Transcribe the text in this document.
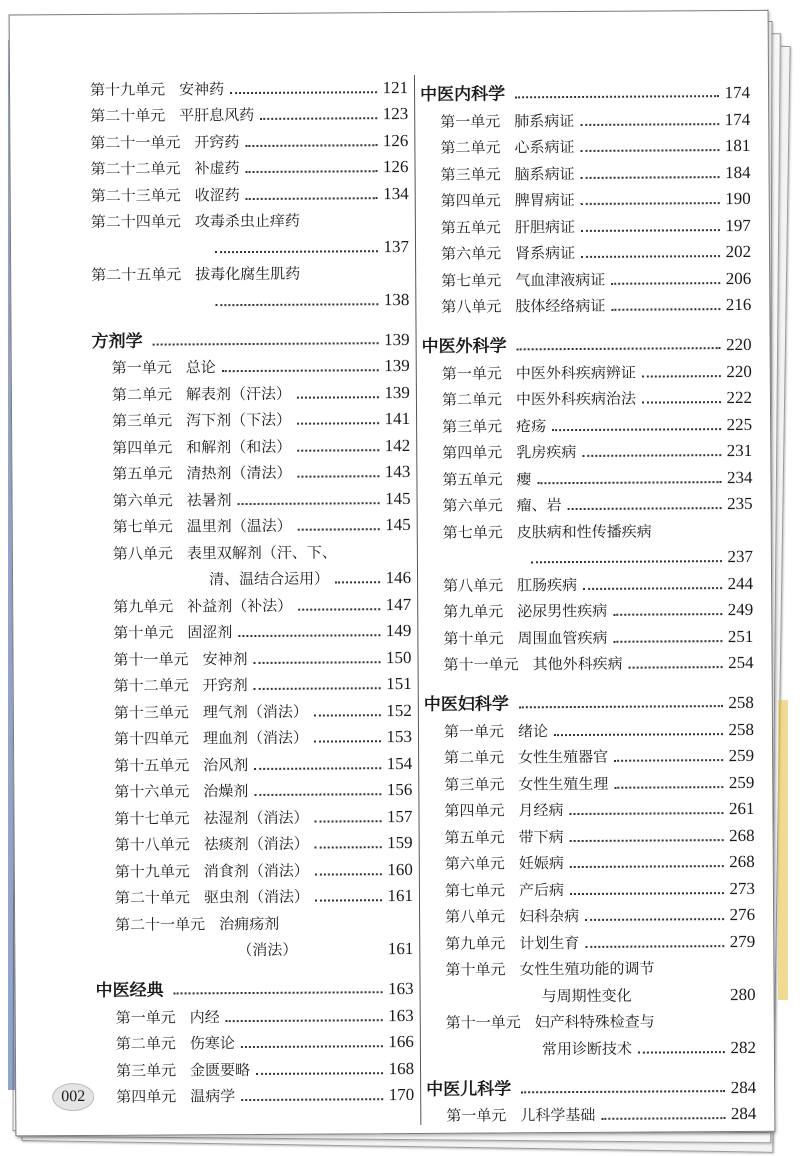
第十九单元 安神药	121
第二十单元 平肝息风药	123
第二十一单元 开窍药	126
第二十二单元 补虚药	126
第二十三单元 收涩药	134
第二十四单元 攻毒杀虫止痒药
137
第二十五单元 拔毒化腐生肌药
138
方剂学	139
第一单元 总论	139
第二单元 解表剂（汗法）	139
第三单元 泻下剂（下法）	141
第四单元 和解剂（和法）	142
第五单元 清热剂（清法）	143
第六单元 祛暑剂	145
第七单元 温里剂（温法）	145
第八单元 表里双解剂（汗、下、
清、温结合运用）	146
第九单元 补益剂（补法）	147
第十单元 固涩剂	149
第十一单元 安神剂	150
第十二单元 开窍剂	151
第十三单元 理气剂（消法）	152
第十四单元 理血剂（消法）	153
第十五单元 治风剂	154
第十六单元 治燥剂	156
第十七单元 祛湿剂（消法）	157
第十八单元 祛痰剂（消法）	159
第十九单元 消食剂（消法）	160
第二十单元 驱虫剂（消法）	161
第二十一单元 治痈疡剂
（消法）	161
中医经典	163
第一单元 内经	163
第二单元 伤寒论	166
第三单元 金匮要略	168
第四单元 温病学	170
中医内科学	174
第一单元 肺系病证	174
第二单元 心系病证	181
第三单元 脑系病证	184
第四单元 脾胃病证	190
第五单元 肝胆病证	197
第六单元 肾系病证	202
第七单元 气血津液病证	206
第八单元 肢体经络病证	216
中医外科学	220
第一单元 中医外科疾病辨证	220
第二单元 中医外科疾病治法	222
第三单元 疮疡	225
第四单元 乳房疾病	231
第五单元 瘿	234
第六单元 瘤、岩	235
第七单元 皮肤病和性传播疾病
237
第八单元 肛肠疾病	244
第九单元 泌尿男性疾病	249
第十单元 周围血管疾病	251
第十一单元 其他外科疾病	254
中医妇科学	258
第一单元 绪论	258
第二单元 女性生殖器官	259
第三单元 女性生殖生理	259
第四单元 月经病	261
第五单元 带下病	268
第六单元 妊娠病	268
第七单元 产后病	273
第八单元 妇科杂病	276
第九单元 计划生育	279
第十单元 女性生殖功能的调节
与周期性变化	280
第十一单元 妇产科特殊检查与
常用诊断技术	282
中医儿科学	284
第一单元 儿科学基础	284
002
